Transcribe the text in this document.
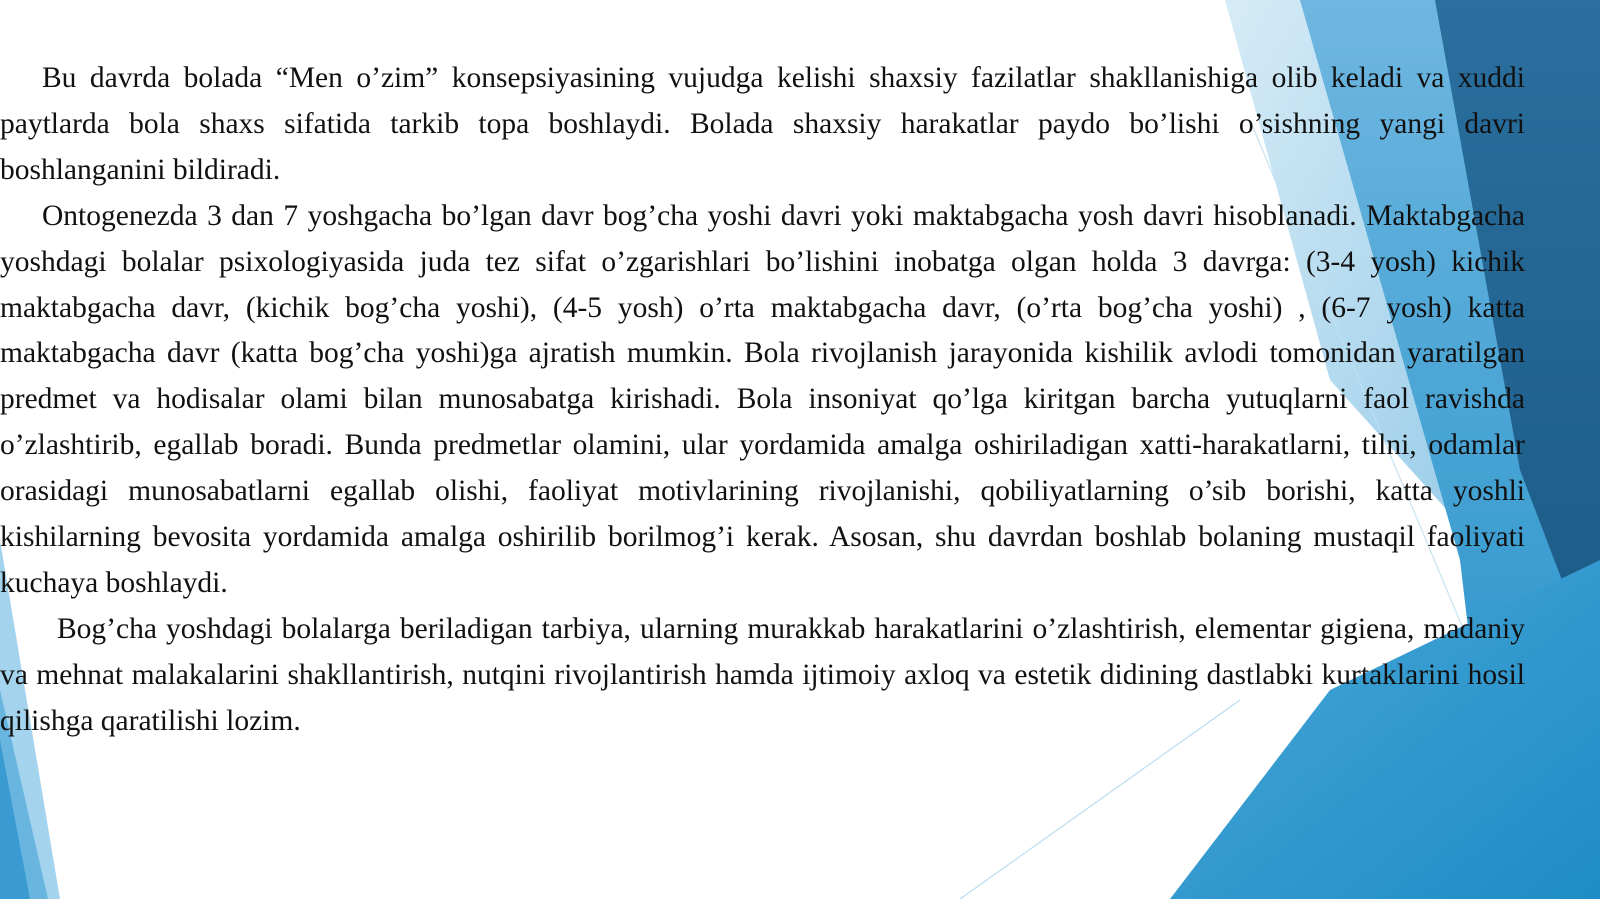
Bu davrda bolada “Men o’zim” konsepsiyasining vujudga kelishi shaxsiy fazilatlar shakllanishiga olib keladi va xuddi paytlarda bola shaxs sifatida tarkib topa boshlaydi. Bolada shaxsiy harakatlar paydo bo’lishi o’sishning yangi davri boshlanganini bildiradi.

Ontogenezda 3 dan 7 yoshgacha bo’lgan davr bog’cha yoshi davri yoki maktabgacha yosh davri hisoblanadi. Maktabgacha yoshdagi bolalar psixologiyasida juda tez sifat o’zgarishlari bo’lishini inobatga olgan holda 3 davrga: (3-4 yosh) kichik maktabgacha davr, (kichik bog’cha yoshi), (4-5 yosh) o’rta maktabgacha davr, (o’rta bog’cha yoshi) , (6-7 yosh) katta maktabgacha davr (katta bog’cha yoshi)ga ajratish mumkin. Bola rivojlanish jarayonida kishilik avlodi tomonidan yaratilgan predmet va hodisalar olami bilan munosabatga kirishadi. Bola insoniyat qo’lga kiritgan barcha yutuqlarni faol ravishda o’zlashtirib, egallab boradi. Bunda predmetlar olamini, ular yordamida amalga oshiriladigan xatti-harakatlarni, tilni, odamlar orasidagi munosabatlarni egallab olishi, faoliyat motivlarining rivojlanishi, qobiliyatlarning o’sib borishi, katta yoshli kishilarning bevosita yordamida amalga oshirilib borilmog’i kerak. Asosan, shu davrdan boshlab bolaning mustaqil faoliyati kuchaya boshlaydi.

Bog’cha yoshdagi bolalarga beriladigan tarbiya, ularning murakkab harakatlarini o’zlashtirish, elementar gigiena, madaniy va mehnat malakalarini shakllantirish, nutqini rivojlantirish hamda ijtimoiy axloq va estetik didining dastlabki kurtaklarini hosil qilishga qaratilishi lozim.
